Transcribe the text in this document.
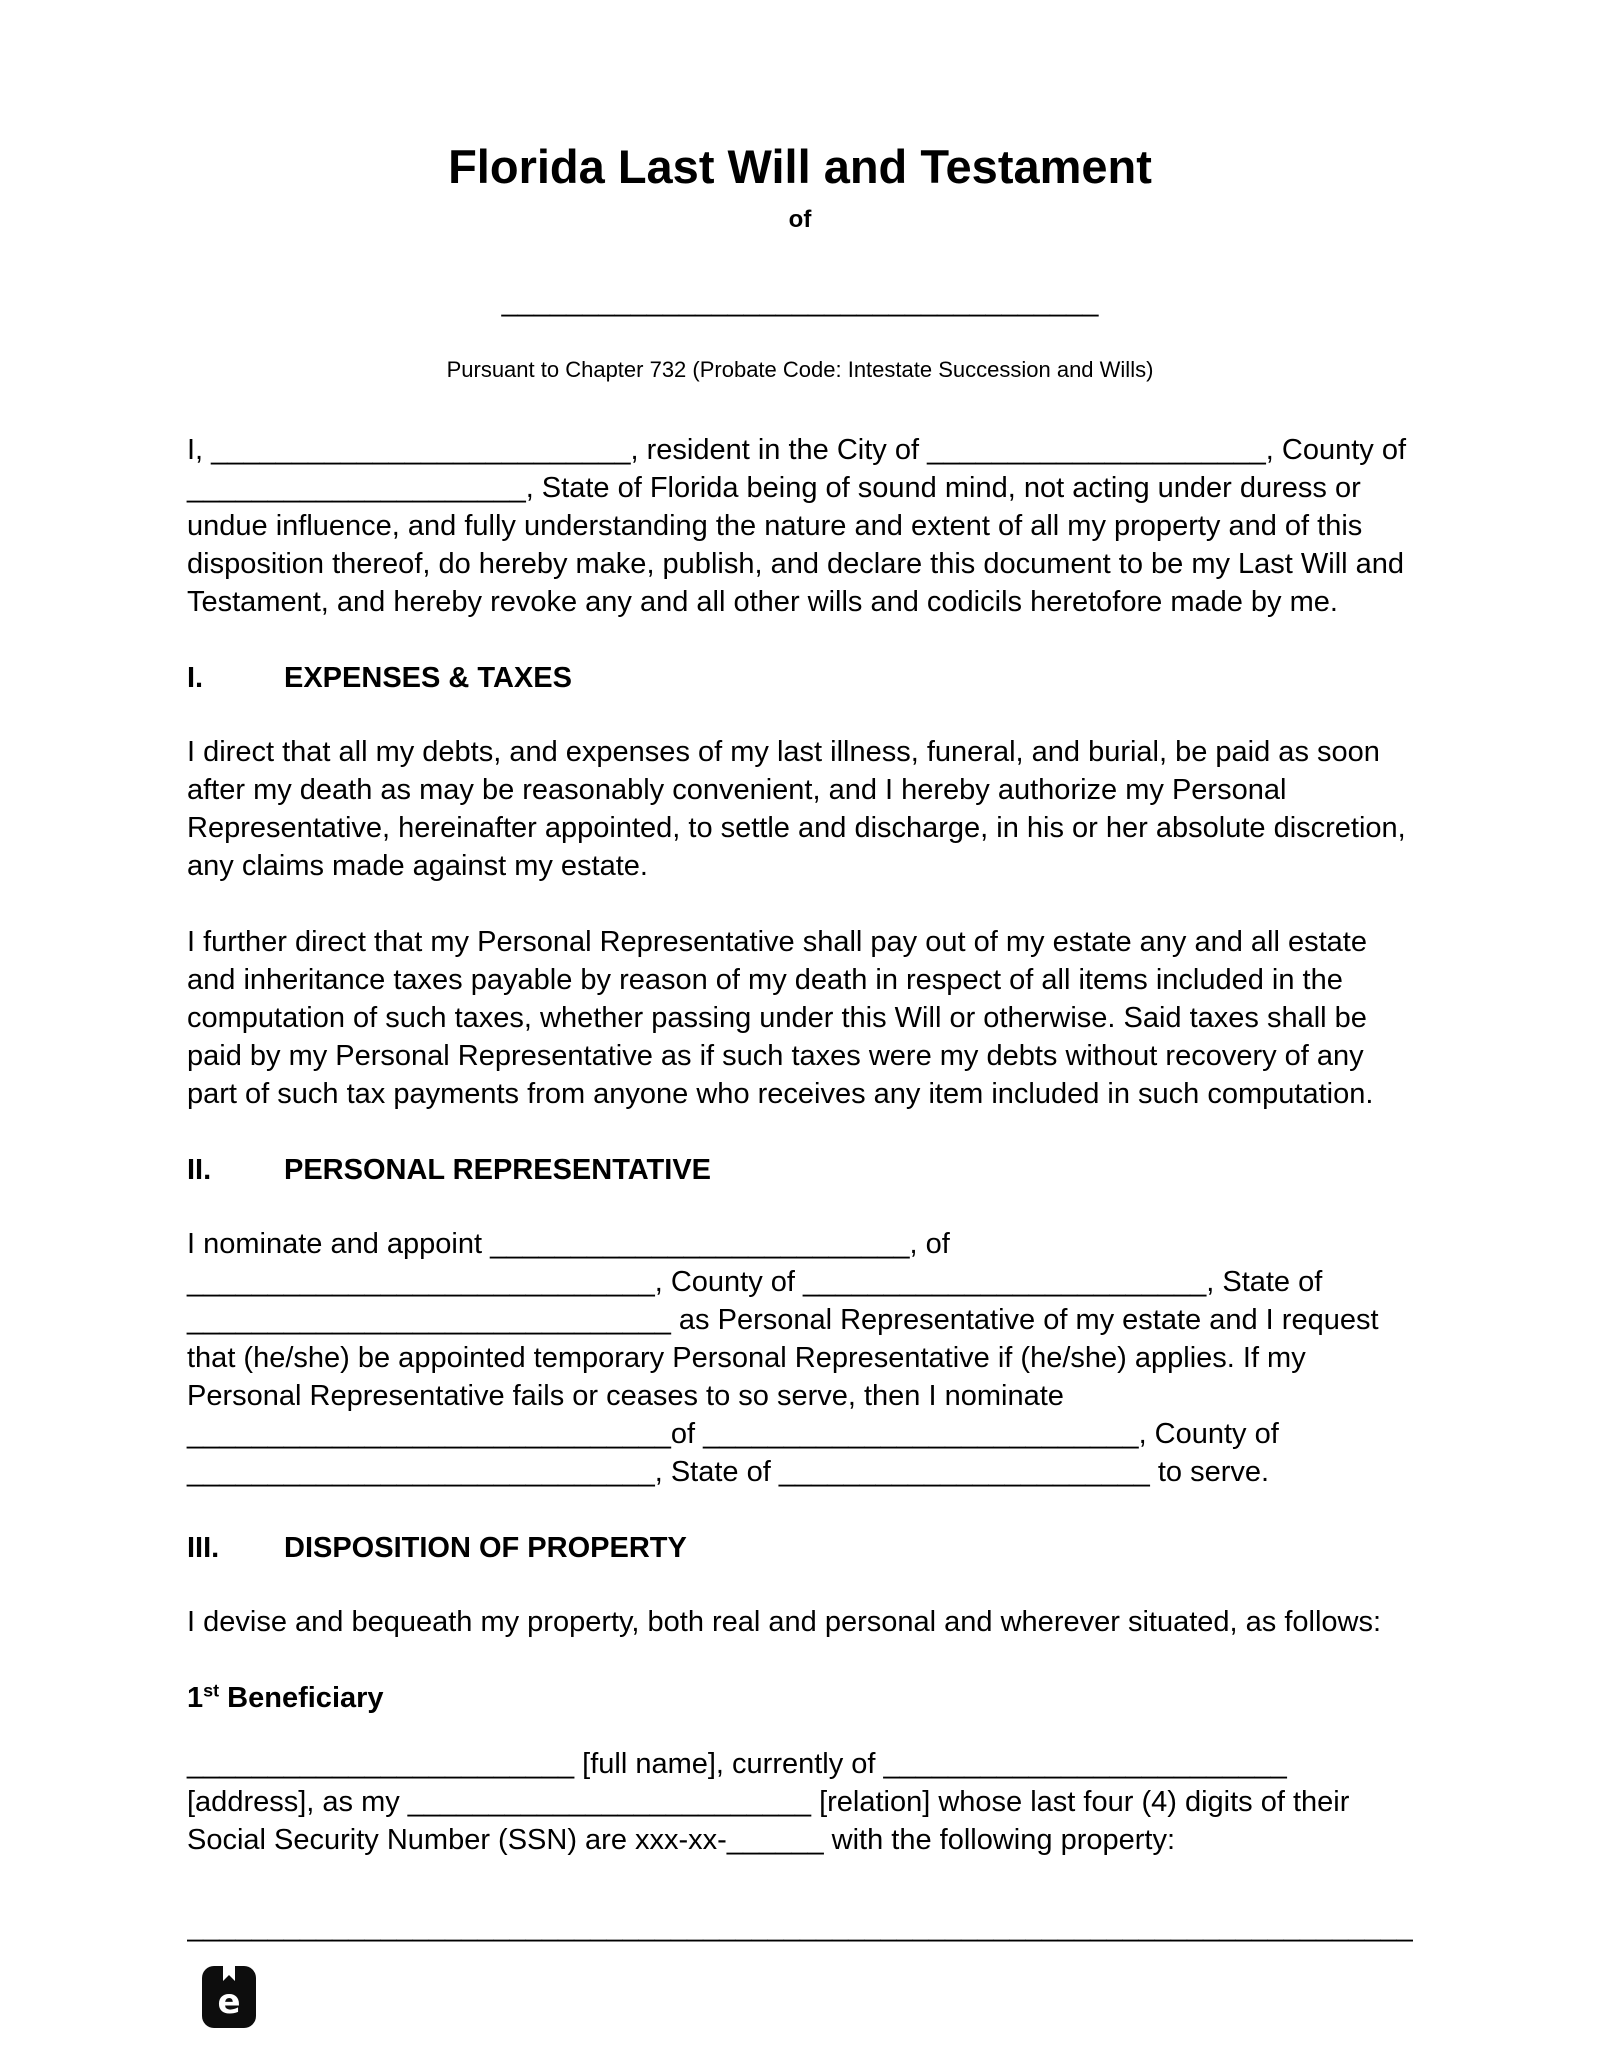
Florida Last Will and Testament
of
_____________________________________
Pursuant to Chapter 732 (Probate Code: Intestate Succession and Wills)

I, __________________________, resident in the City of _____________________, County of _____________________, State of Florida being of sound mind, not acting under duress or undue influence, and fully understanding the nature and extent of all my property and of this disposition thereof, do hereby make, publish, and declare this document to be my Last Will and Testament, and hereby revoke any and all other wills and codicils heretofore made by me.

I.	EXPENSES & TAXES

I direct that all my debts, and expenses of my last illness, funeral, and burial, be paid as soon after my death as may be reasonably convenient, and I hereby authorize my Personal Representative, hereinafter appointed, to settle and discharge, in his or her absolute discretion, any claims made against my estate.

I further direct that my Personal Representative shall pay out of my estate any and all estate and inheritance taxes payable by reason of my death in respect of all items included in the computation of such taxes, whether passing under this Will or otherwise. Said taxes shall be paid by my Personal Representative as if such taxes were my debts without recovery of any part of such tax payments from anyone who receives any item included in such computation.

II.	PERSONAL REPRESENTATIVE

I nominate and appoint __________________________, of _____________________________, County of _________________________, State of ______________________________ as Personal Representative of my estate and I request that (he/she) be appointed temporary Personal Representative if (he/she) applies. If my Personal Representative fails or ceases to so serve, then I nominate ______________________________of ___________________________, County of _____________________________, State of _______________________ to serve.

III.	DISPOSITION OF PROPERTY

I devise and bequeath my property, both real and personal and wherever situated, as follows:

1st Beneficiary

________________________ [full name], currently of _________________________ [address], as my _________________________ [relation] whose last four (4) digits of their Social Security Number (SSN) are xxx-xx-______ with the following property:

____________________________________________________________________________
e
